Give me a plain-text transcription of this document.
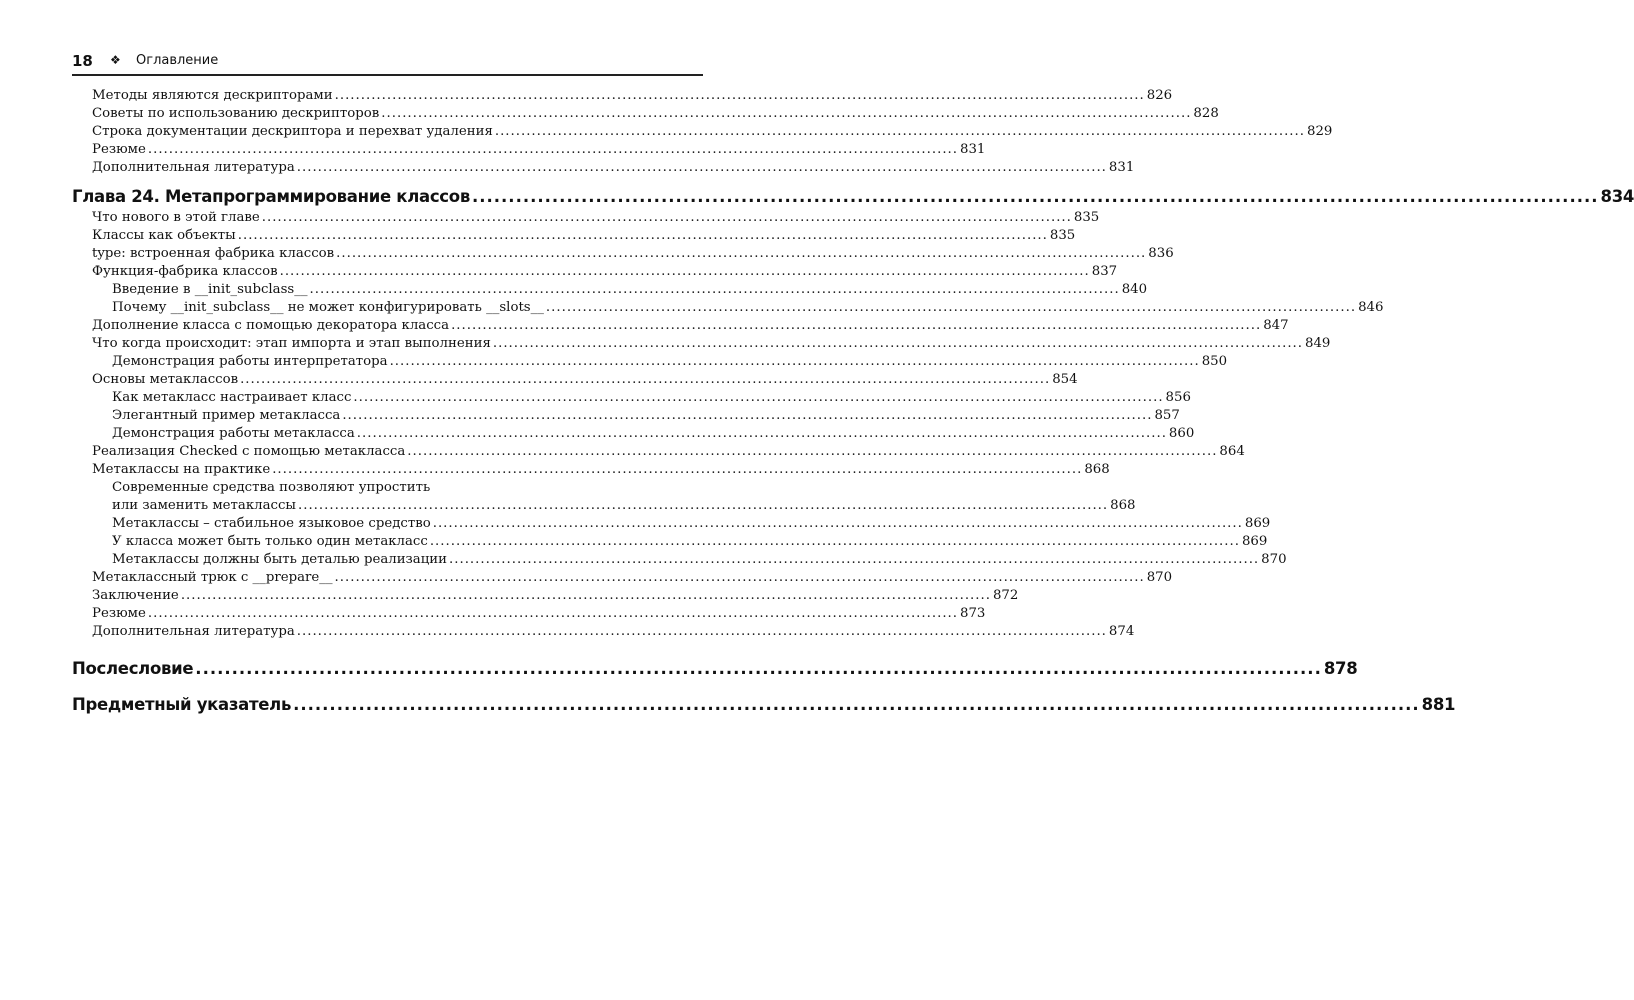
18 ❖ Оглавление
Методы являются дескрипторами ........................................................................................................................................................... 826
Советы по использованию дескрипторов ........................................................................................................................................................... 828
Строка документации дескриптора и перехват удаления ........................................................................................................................................................... 829
Резюме ........................................................................................................................................................... 831
Дополнительная литература ........................................................................................................................................................... 831
Глава 24. Метапрограммирование классов ........................................................................................................................................................... 834
Что нового в этой главе ........................................................................................................................................................... 835
Классы как объекты ........................................................................................................................................................... 835
type: встроенная фабрика классов ........................................................................................................................................................... 836
Функция-фабрика классов ........................................................................................................................................................... 837
Введение в __init_subclass__ ........................................................................................................................................................... 840
Почему __init_subclass__ не может конфигурировать __slots__ ........................................................................................................................................................... 846
Дополнение класса с помощью декоратора класса ........................................................................................................................................................... 847
Что когда происходит: этап импорта и этап выполнения ........................................................................................................................................................... 849
Демонстрация работы интерпретатора ........................................................................................................................................................... 850
Основы метаклассов ........................................................................................................................................................... 854
Как метакласс настраивает класс ........................................................................................................................................................... 856
Элегантный пример метакласса ........................................................................................................................................................... 857
Демонстрация работы метакласса ........................................................................................................................................................... 860
Реализация Checked с помощью метакласса ........................................................................................................................................................... 864
Метаклассы на практике ........................................................................................................................................................... 868
Современные средства позволяют упростить
или заменить метаклассы ........................................................................................................................................................... 868
Метаклассы – стабильное языковое средство ........................................................................................................................................................... 869
У класса может быть только один метакласс ........................................................................................................................................................... 869
Метаклассы должны быть деталью реализации ........................................................................................................................................................... 870
Метаклассный трюк с __prepare__ ........................................................................................................................................................... 870
Заключение ........................................................................................................................................................... 872
Резюме ........................................................................................................................................................... 873
Дополнительная литература ........................................................................................................................................................... 874
Послесловие ........................................................................................................................................................... 878
Предметный указатель ........................................................................................................................................................... 881
